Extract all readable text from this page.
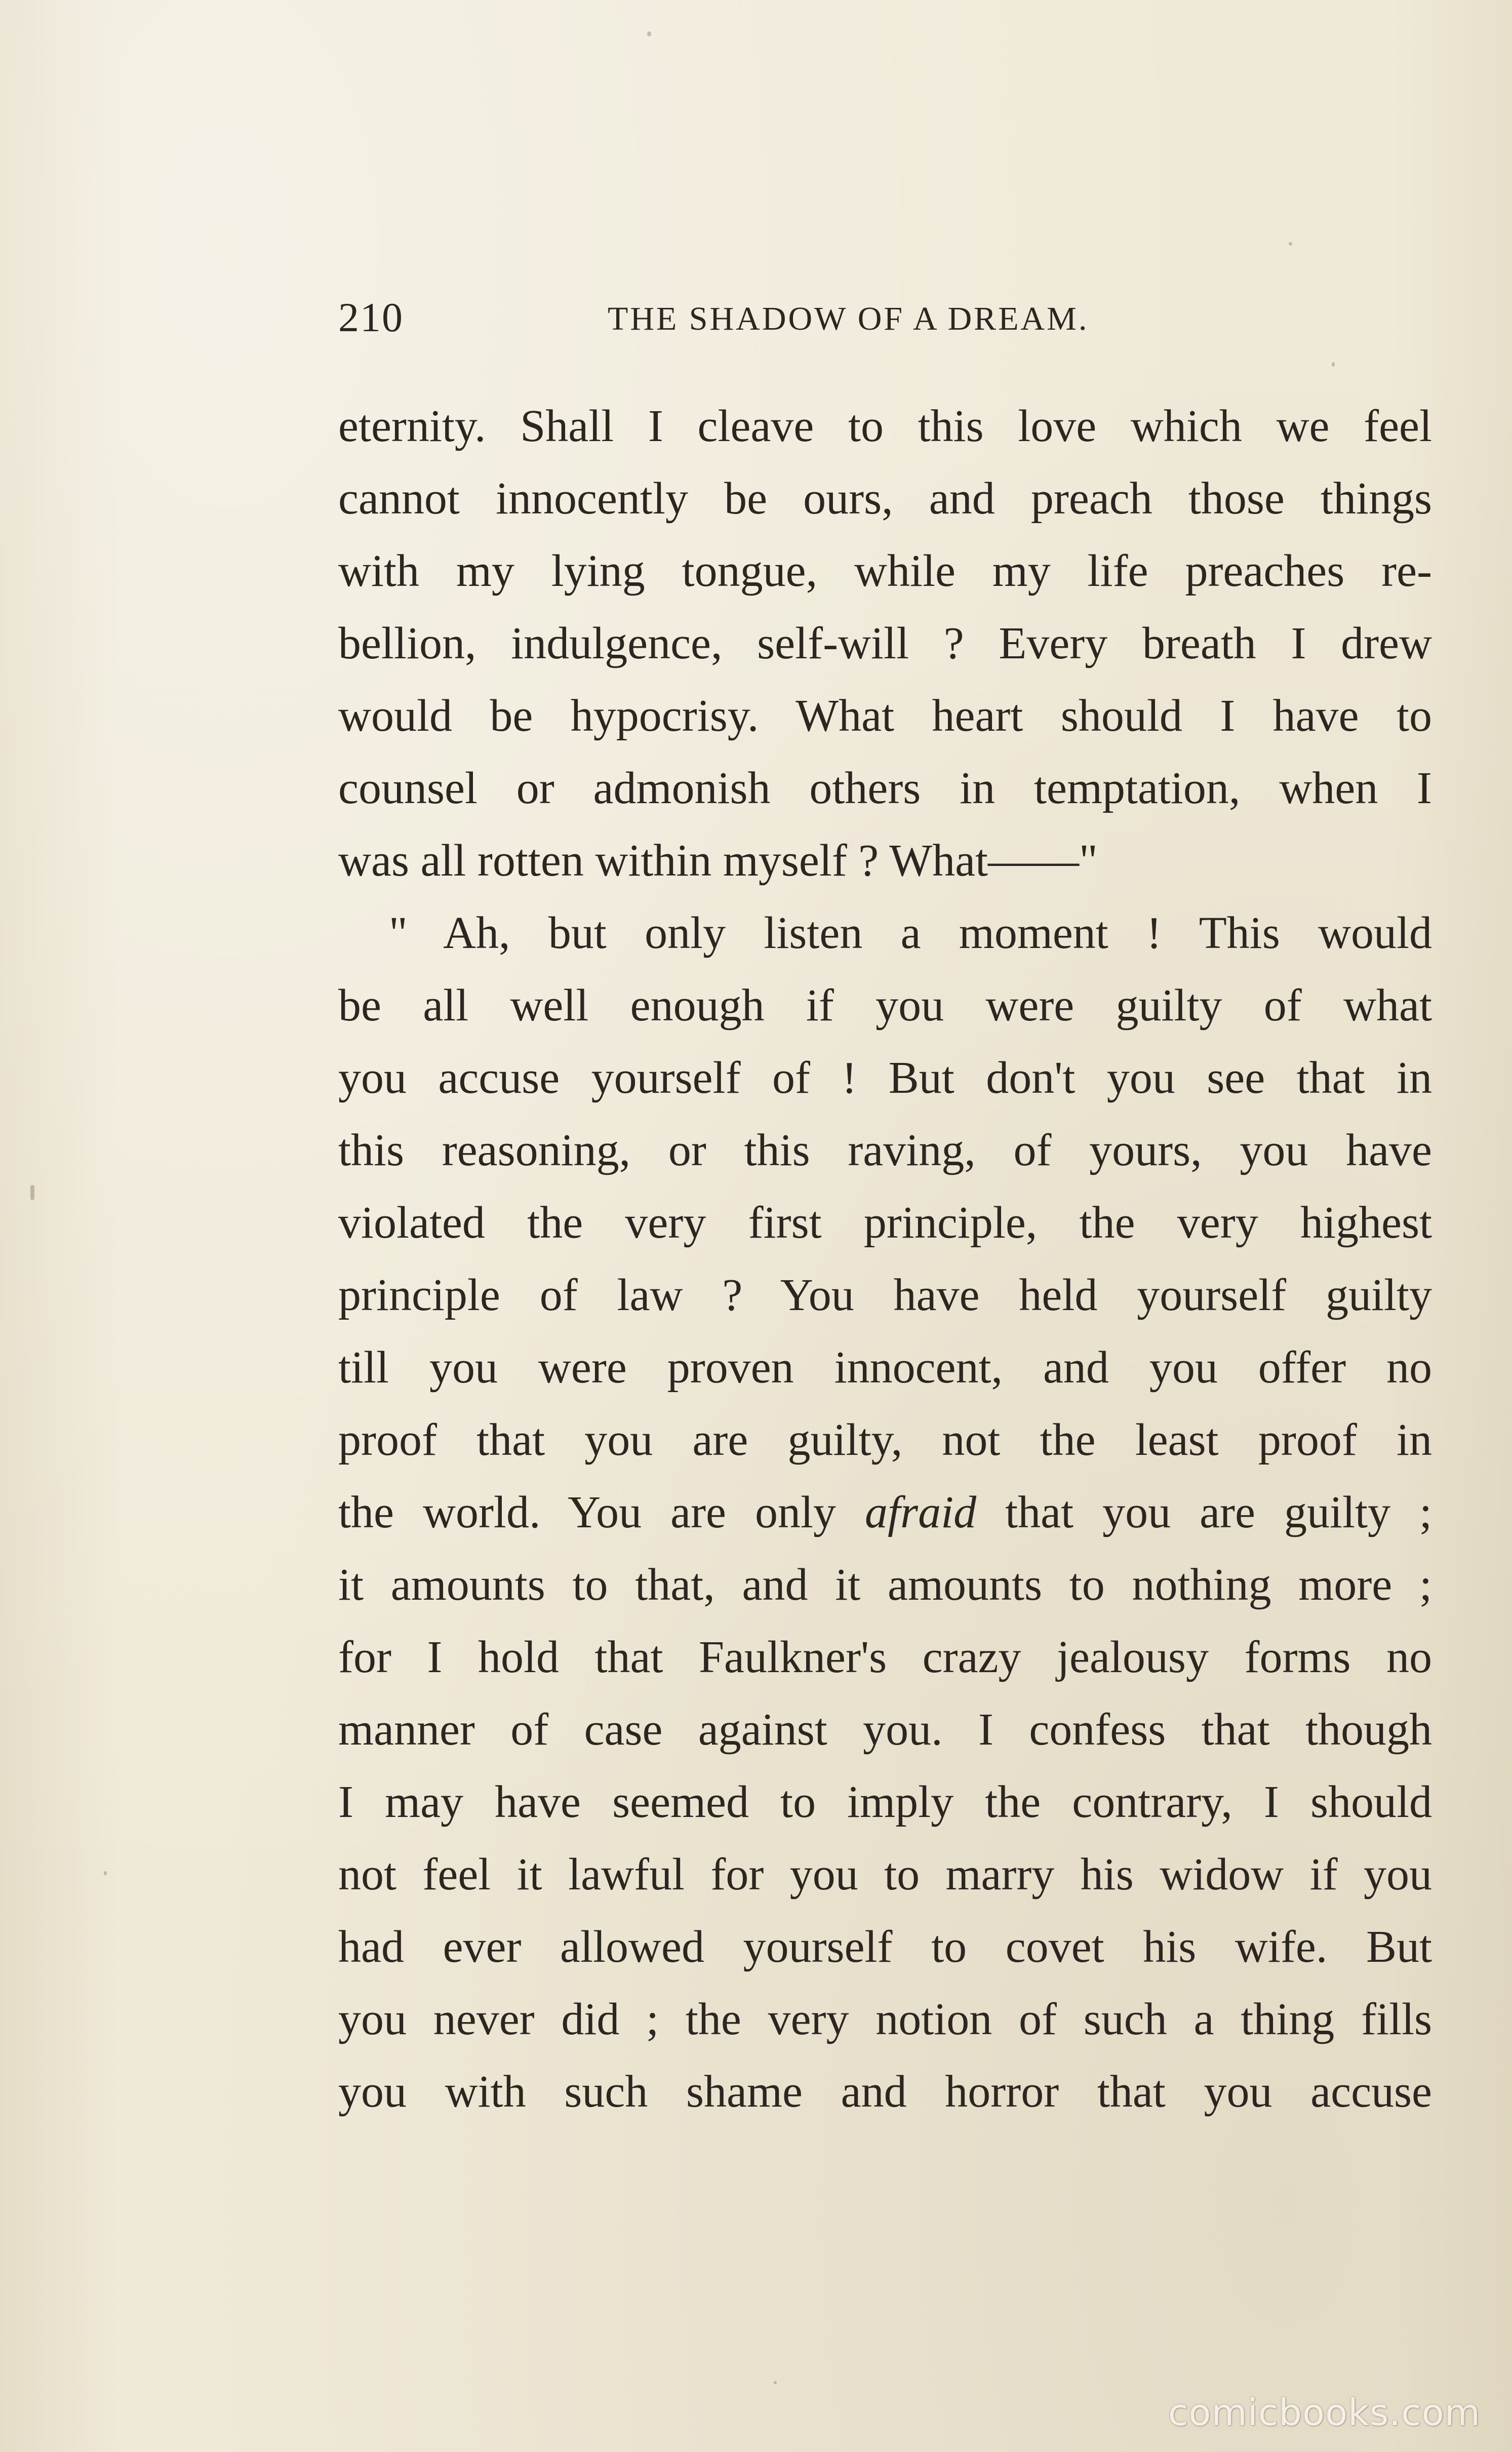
210	THE SHADOW OF A DREAM.
eternity. Shall I cleave to this love which we feel
cannot innocently be ours, and preach those things
with my lying tongue, while my life preaches re-
bellion, indulgence, self-will ? Every breath I drew
would be hypocrisy. What heart should I have to
counsel or admonish others in temptation, when I
was all rotten within myself ? What——"
" Ah, but only listen a moment ! This would
be all well enough if you were guilty of what
you accuse yourself of ! But don't you see that in
this reasoning, or this raving, of yours, you have
violated the very first principle, the very highest
principle of law ? You have held yourself guilty
till you were proven innocent, and you offer no
proof that you are guilty, not the least proof in
the world. You are only afraid that you are guilty ;
it amounts to that, and it amounts to nothing more ;
for I hold that Faulkner's crazy jealousy forms no
manner of case against you. I confess that though
I may have seemed to imply the contrary, I should
not feel it lawful for you to marry his widow if you
had ever allowed yourself to covet his wife. But
you never did ; the very notion of such a thing fills
you with such shame and horror that you accuse
comicbooks.com
